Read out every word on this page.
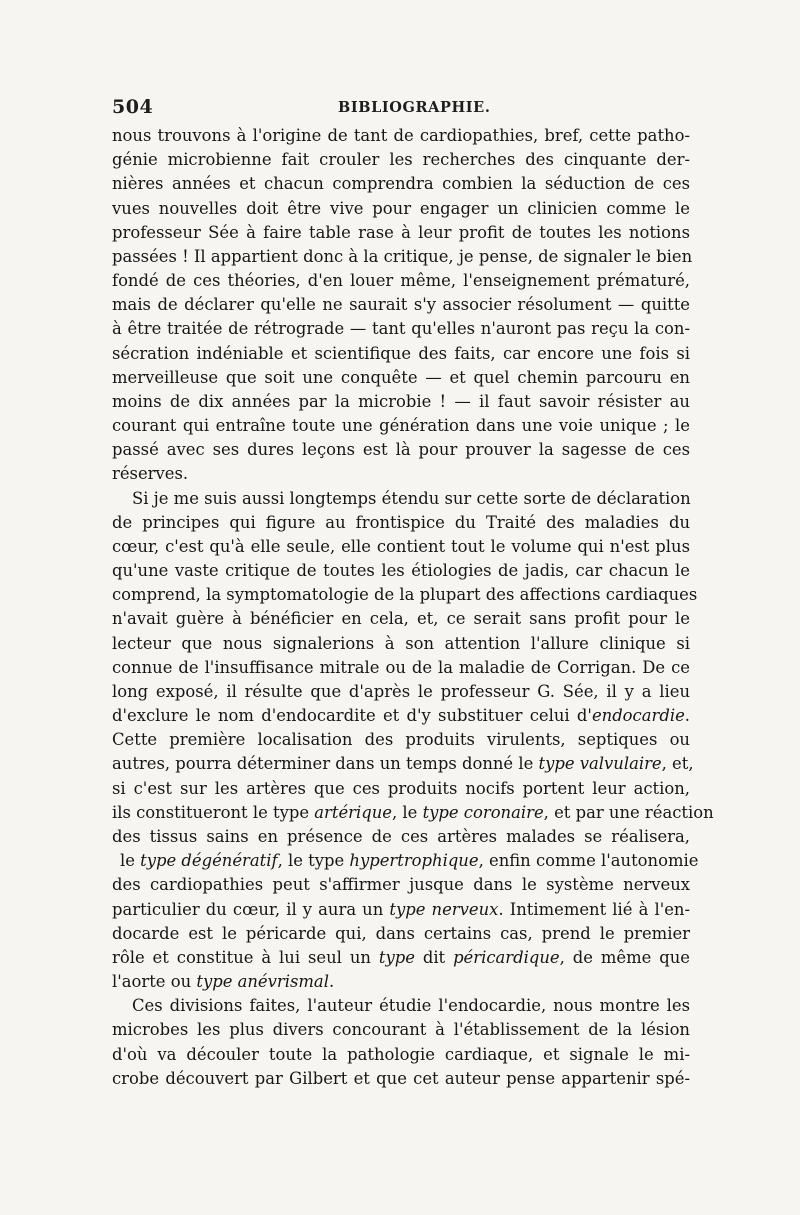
504	BIBLIOGRAPHIE.
nous trouvons à l'origine de tant de cardiopathies, bref, cette patho-
génie microbienne fait crouler les recherches des cinquante der-
nières années et chacun comprendra combien la séduction de ces
vues nouvelles doit être vive pour engager un clinicien comme le
professeur Sée à faire table rase à leur profit de toutes les notions
passées ! Il appartient donc à la critique, je pense, de signaler le bien
fondé de ces théories, d'en louer même, l'enseignement prématuré,
mais de déclarer qu'elle ne saurait s'y associer résolument — quitte
à être traitée de rétrograde — tant qu'elles n'auront pas reçu la con-
sécration indéniable et scientifique des faits, car encore une fois si
merveilleuse que soit une conquête — et quel chemin parcouru en
moins de dix années par la microbie ! — il faut savoir résister au
courant qui entraîne toute une génération dans une voie unique ; le
passé avec ses dures leçons est là pour prouver la sagesse de ces
réserves.
Si je me suis aussi longtemps étendu sur cette sorte de déclaration
de principes qui figure au frontispice du Traité des maladies du
cœur, c'est qu'à elle seule, elle contient tout le volume qui n'est plus
qu'une vaste critique de toutes les étiologies de jadis, car chacun le
comprend, la symptomatologie de la plupart des affections cardiaques
n'avait guère à bénéficier en cela, et, ce serait sans profit pour le
lecteur que nous signalerions à son attention l'allure clinique si
connue de l'insuffisance mitrale ou de la maladie de Corrigan. De ce
long exposé, il résulte que d'après le professeur G. Sée, il y a lieu
d'exclure le nom d'endocardite et d'y substituer celui d'endocardie.
Cette première localisation des produits virulents, septiques ou
autres, pourra déterminer dans un temps donné le type valvulaire, et,
si c'est sur les artères que ces produits nocifs portent leur action,
ils constitueront le type artérique, le type coronaire, et par une réaction
des tissus sains en présence de ces artères malades se réalisera,
le type dégénératif, le type hypertrophique, enfin comme l'autonomie
des cardiopathies peut s'affirmer jusque dans le système nerveux
particulier du cœur, il y aura un type nerveux. Intimement lié à l'en-
docarde est le péricarde qui, dans certains cas, prend le premier
rôle et constitue à lui seul un type dit péricardique, de même que
l'aorte ou type anévrismal.
Ces divisions faites, l'auteur étudie l'endocardie, nous montre les
microbes les plus divers concourant à l'établissement de la lésion
d'où va découler toute la pathologie cardiaque, et signale le mi-
crobe découvert par Gilbert et que cet auteur pense appartenir spé-
